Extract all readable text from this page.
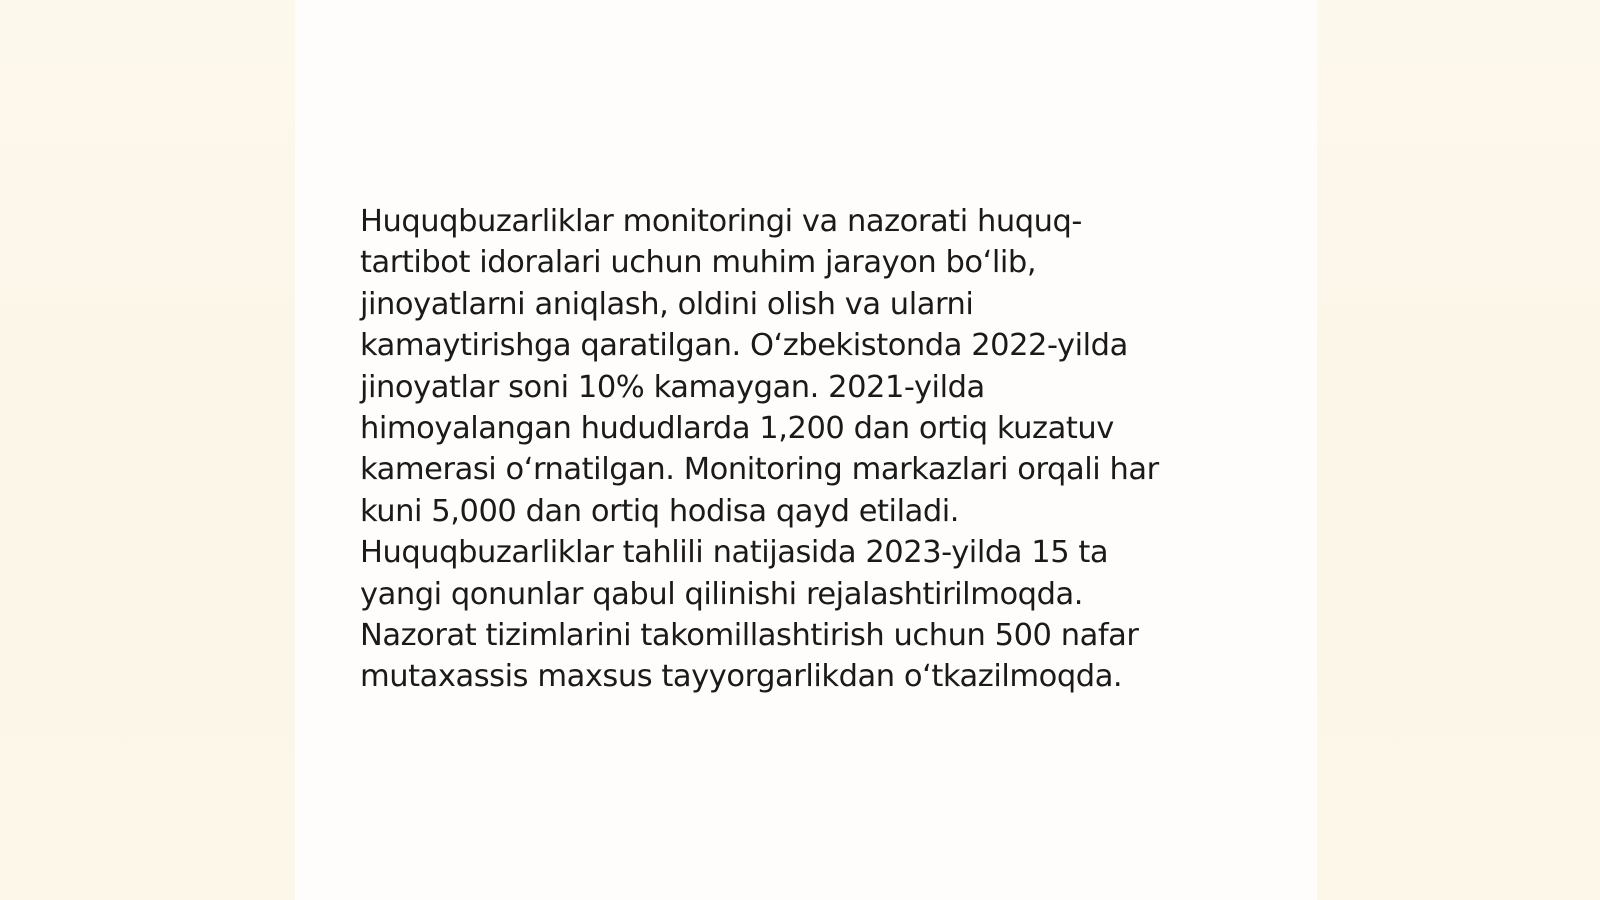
Huquqbuzarliklar monitoringi va nazorati huquq-
tartibot idoralari uchun muhim jarayon bo‘lib,
jinoyatlarni aniqlash, oldini olish va ularni
kamaytirishga qaratilgan. O‘zbekistonda 2022-yilda
jinoyatlar soni 10% kamaygan. 2021-yilda
himoyalangan hududlarda 1,200 dan ortiq kuzatuv
kamerasi o‘rnatilgan. Monitoring markazlari orqali har
kuni 5,000 dan ortiq hodisa qayd etiladi.
Huquqbuzarliklar tahlili natijasida 2023-yilda 15 ta
yangi qonunlar qabul qilinishi rejalashtirilmoqda.
Nazorat tizimlarini takomillashtirish uchun 500 nafar
mutaxassis maxsus tayyorgarlikdan o‘tkazilmoqda.
